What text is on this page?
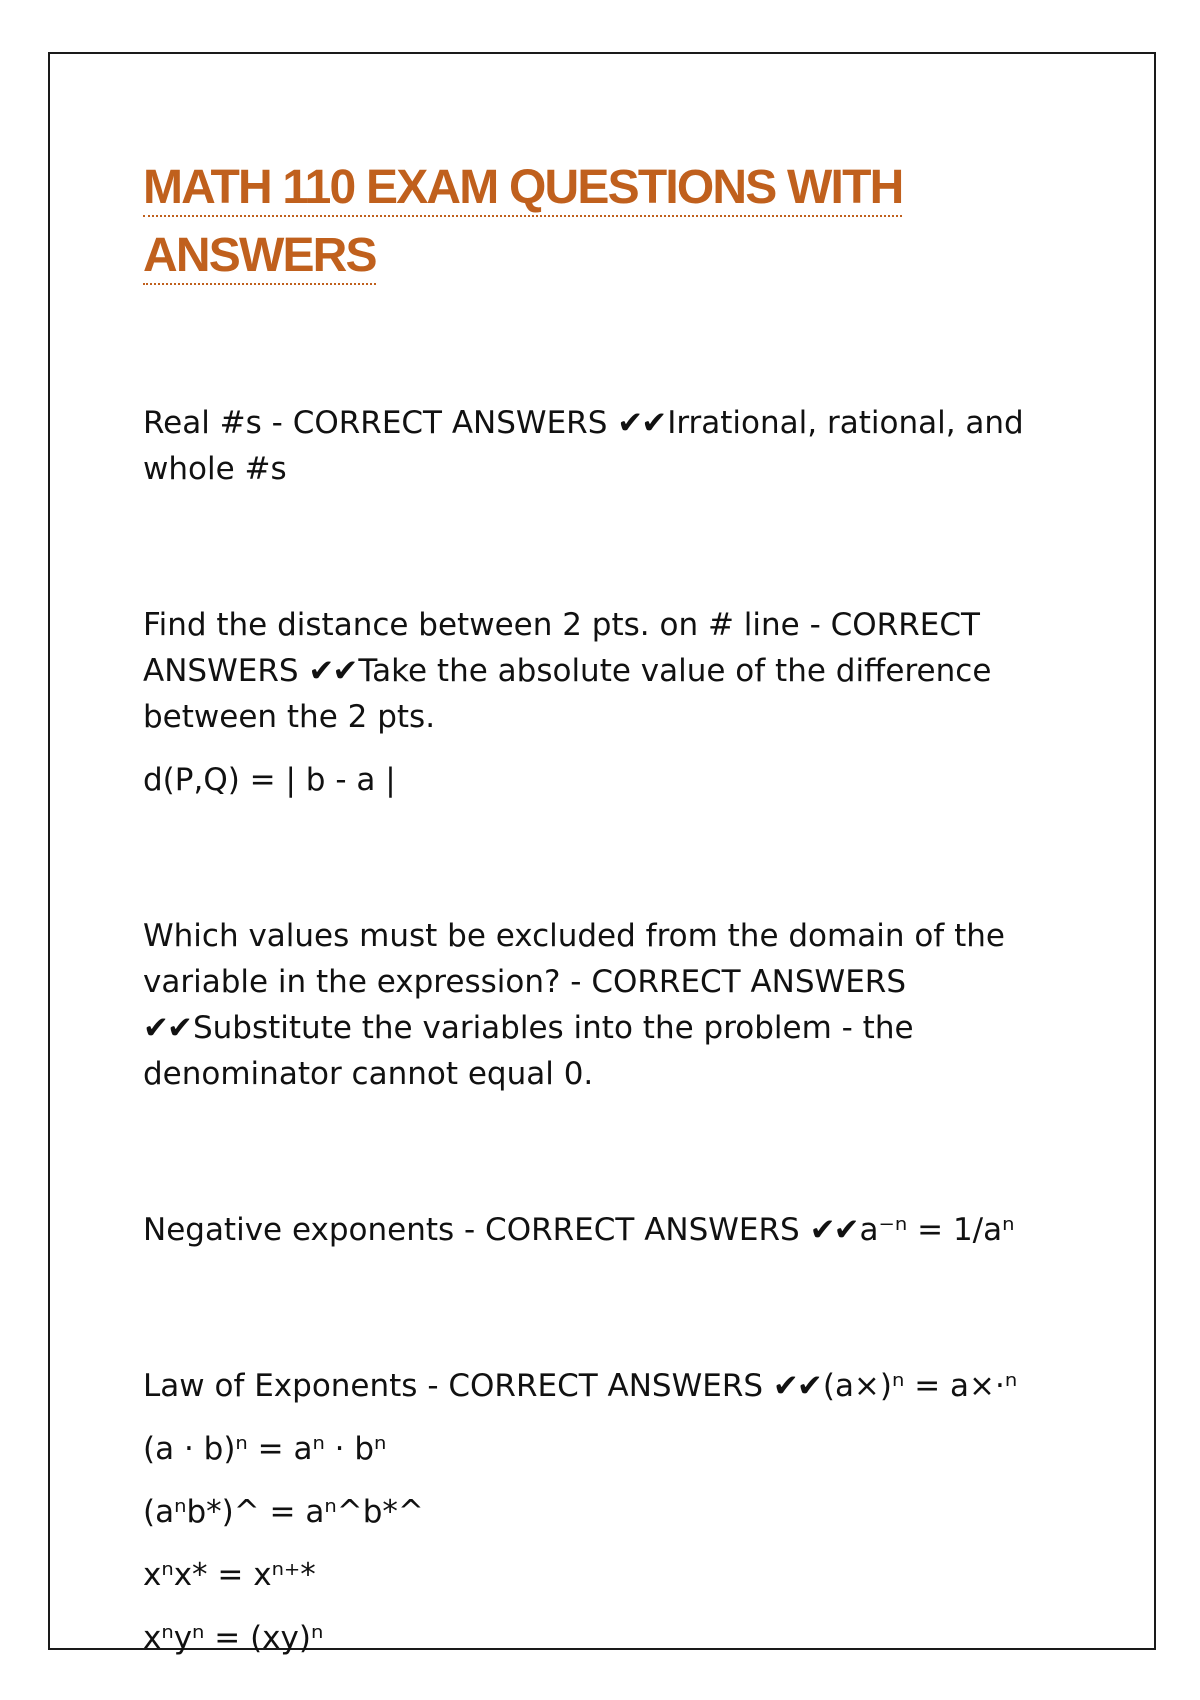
MATH 110 EXAM QUESTIONS WITH
ANSWERS

Real #s - CORRECT ANSWERS ✔✔Irrational, rational, and whole #s

Find the distance between 2 pts. on # line - CORRECT ANSWERS ✔✔Take the absolute value of the difference between the 2 pts.

d(P,Q) = | b - a |

Which values must be excluded from the domain of the variable in the expression? - CORRECT ANSWERS ✔✔Substitute the variables into the problem - the denominator cannot equal 0.

Negative exponents - CORRECT ANSWERS ✔✔a⁻ⁿ = 1/aⁿ

Law of Exponents - CORRECT ANSWERS ✔✔(a×)ⁿ = a×·ⁿ

(a · b)ⁿ = aⁿ · bⁿ

(aⁿb*)^ = aⁿ^b*^

xⁿx* = xⁿ⁺*

xⁿyⁿ = (xy)ⁿ
